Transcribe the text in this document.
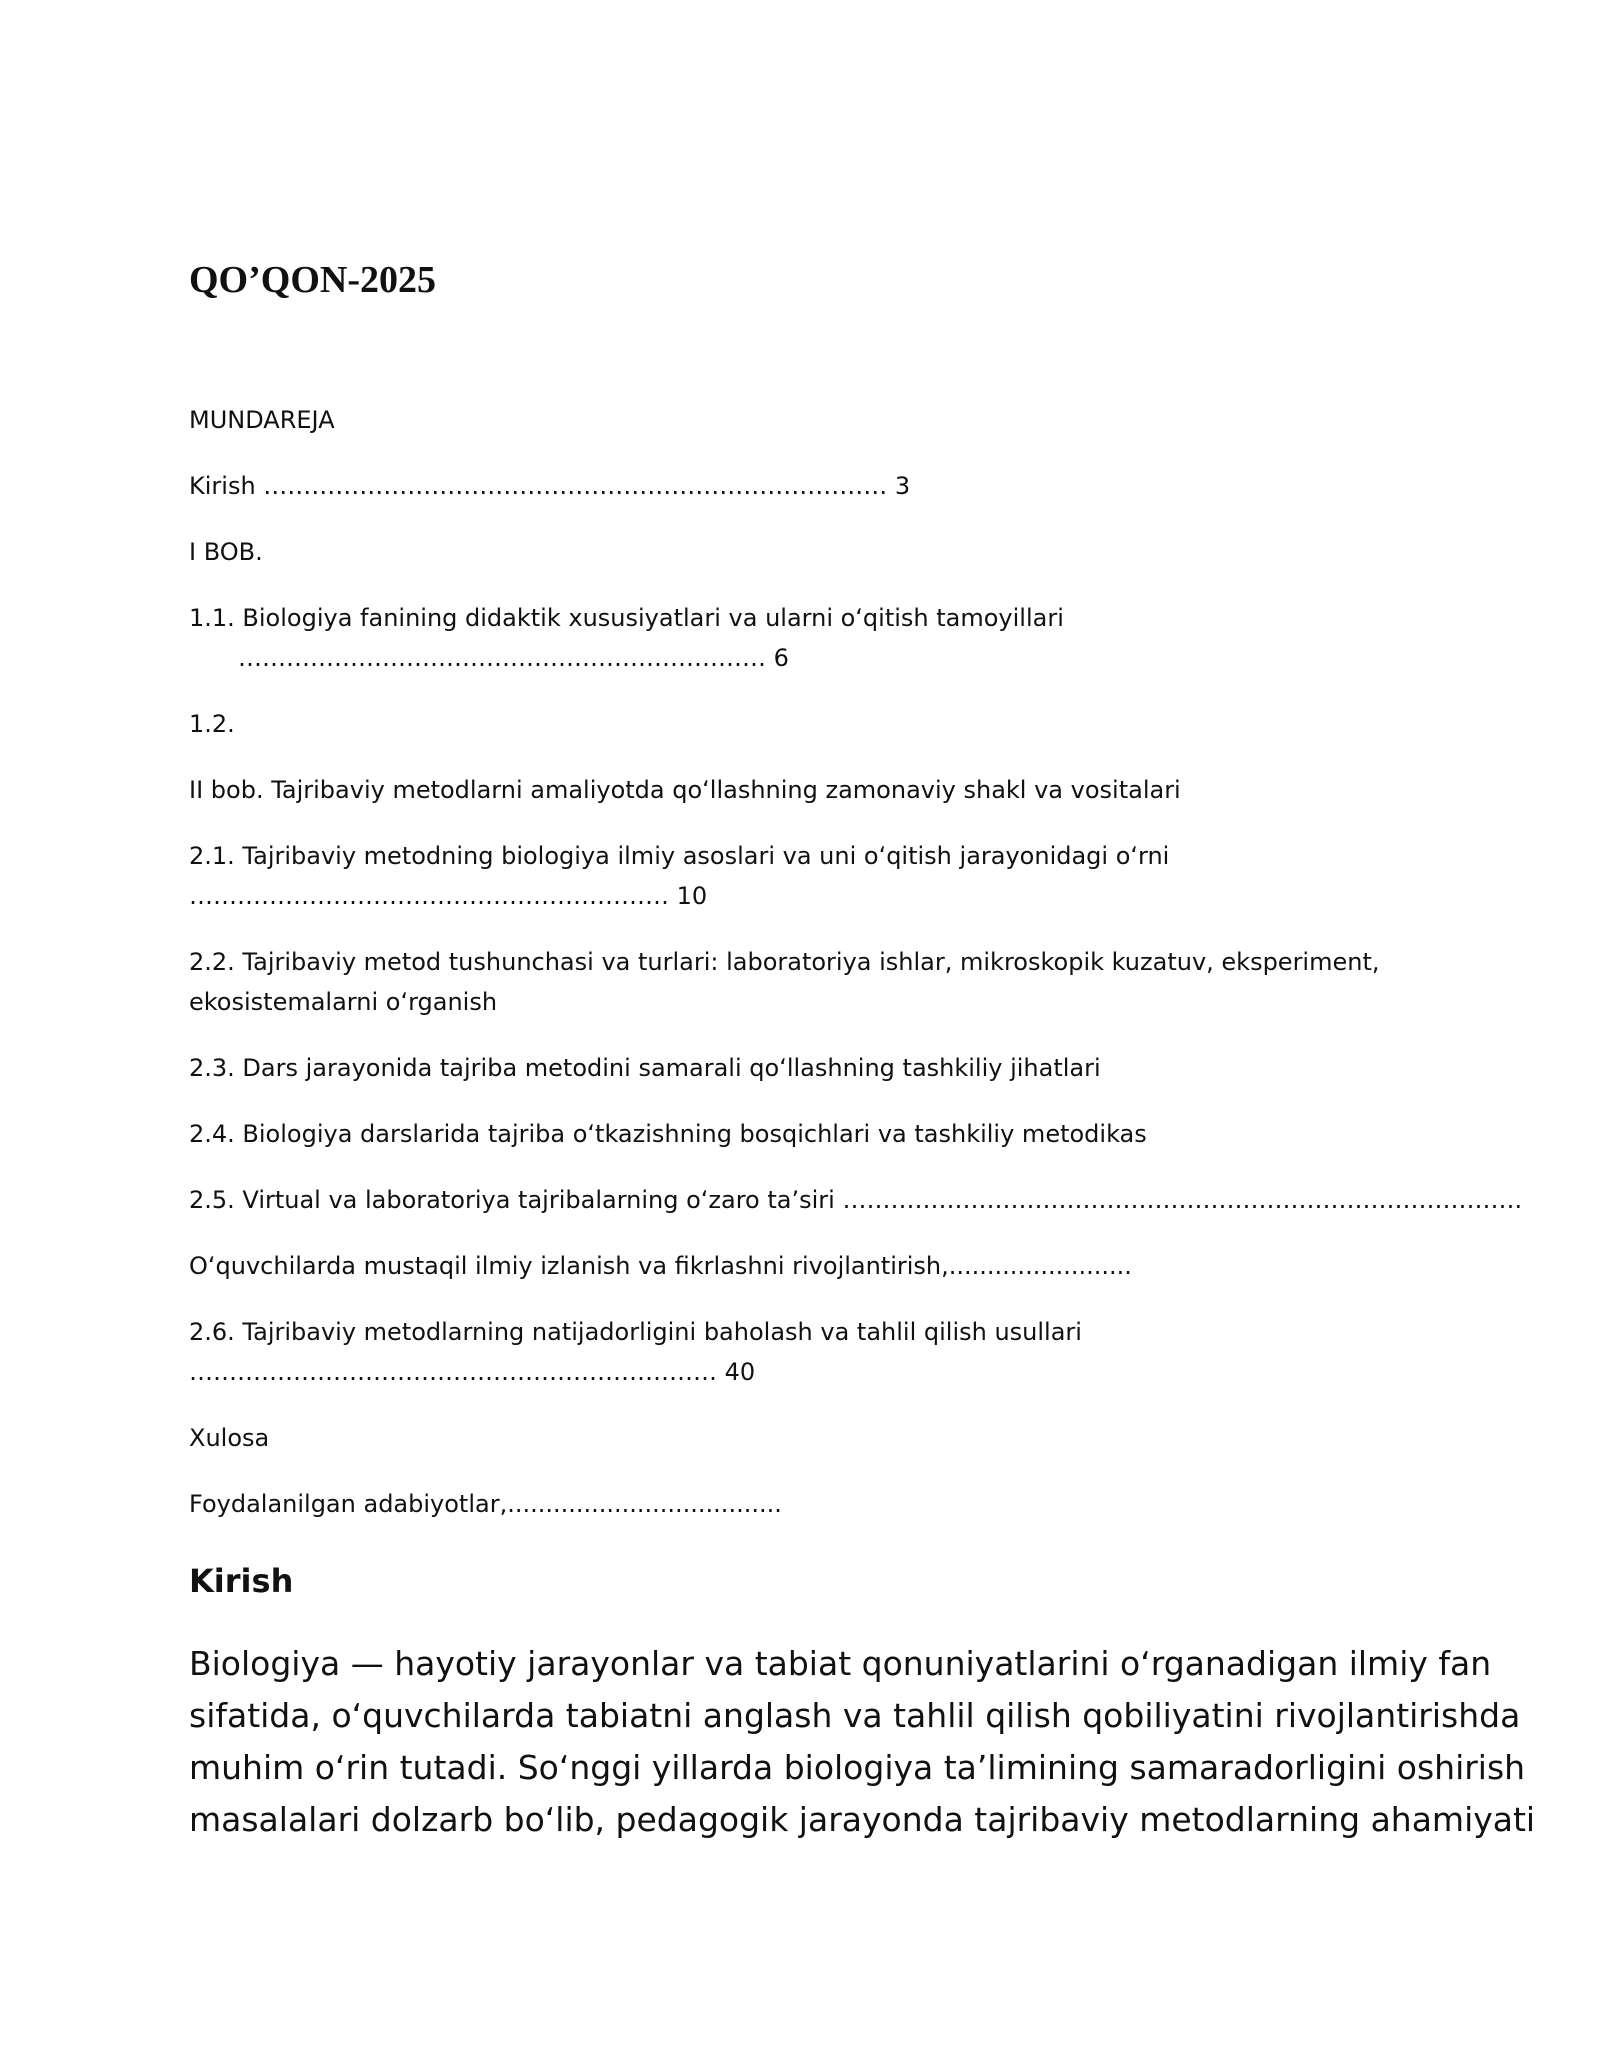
QO’QON-2025

MUNDAREJA

Kirish …………………………………………………………………… 3

I BOB.

1.1. Biologiya fanining didaktik xususiyatlari va ularni oʻqitish tamoyillari

………………………………………………………… 6

1.2.

II bob. Tajribaviy metodlarni amaliyotda qoʻllashning zamonaviy shakl va vositalari

2.1. Tajribaviy metodning biologiya ilmiy asoslari va uni oʻqitish jarayonidagi oʻrni

…………………………………………………… 10

2.2. Tajribaviy metod tushunchasi va turlari: laboratoriya ishlar, mikroskopik kuzatuv, eksperiment,

ekosistemalarni oʻrganish

2.3. Dars jarayonida tajriba metodini samarali qoʻllashning tashkiliy jihatlari

2.4. Biologiya darslarida tajriba oʻtkazishning bosqichlari va tashkiliy metodikas

2.5. Virtual va laboratoriya tajribalarning oʻzaro ta’siri ………………………………………………………………………….

Oʻquvchilarda mustaqil ilmiy izlanish va fikrlashni rivojlantirish,........................

2.6. Tajribaviy metodlarning natijadorligini baholash va tahlil qilish usullari

………………………………………………………… 40

Xulosa

Foydalanilgan adabiyotlar,....................................

Kirish

Biologiya — hayotiy jarayonlar va tabiat qonuniyatlarini oʻrganadigan ilmiy fan
sifatida, oʻquvchilarda tabiatni anglash va tahlil qilish qobiliyatini rivojlantirishda
muhim oʻrin tutadi. Soʻnggi yillarda biologiya ta’limining samaradorligini oshirish
masalalari dolzarb boʻlib, pedagogik jarayonda tajribaviy metodlarning ahamiyati
